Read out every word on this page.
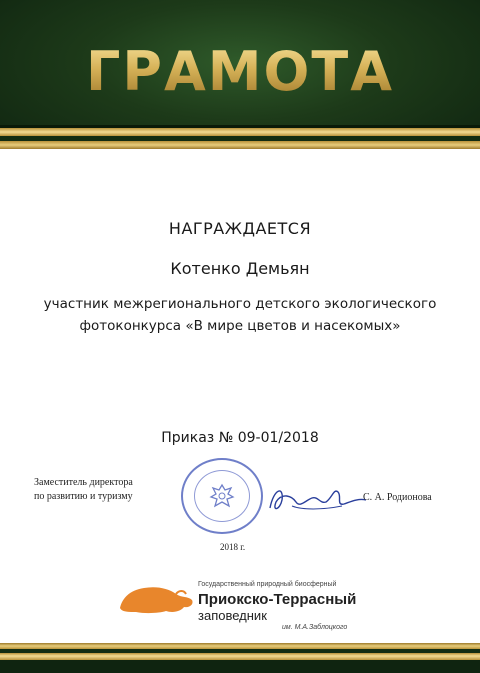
ГРАМОТА
НАГРАЖДАЕТСЯ
Котенко Демьян
участник межрегионального детского экологического
фотоконкурса «В мире цветов и насекомых»
Приказ № 09-01/2018
Заместитель директора
по развитию и туризму	С. А. Родионова
2018 г.
Государственный природный биосферный
Приокско-Террасный
заповедник
им. М.А.Заблоцкого
